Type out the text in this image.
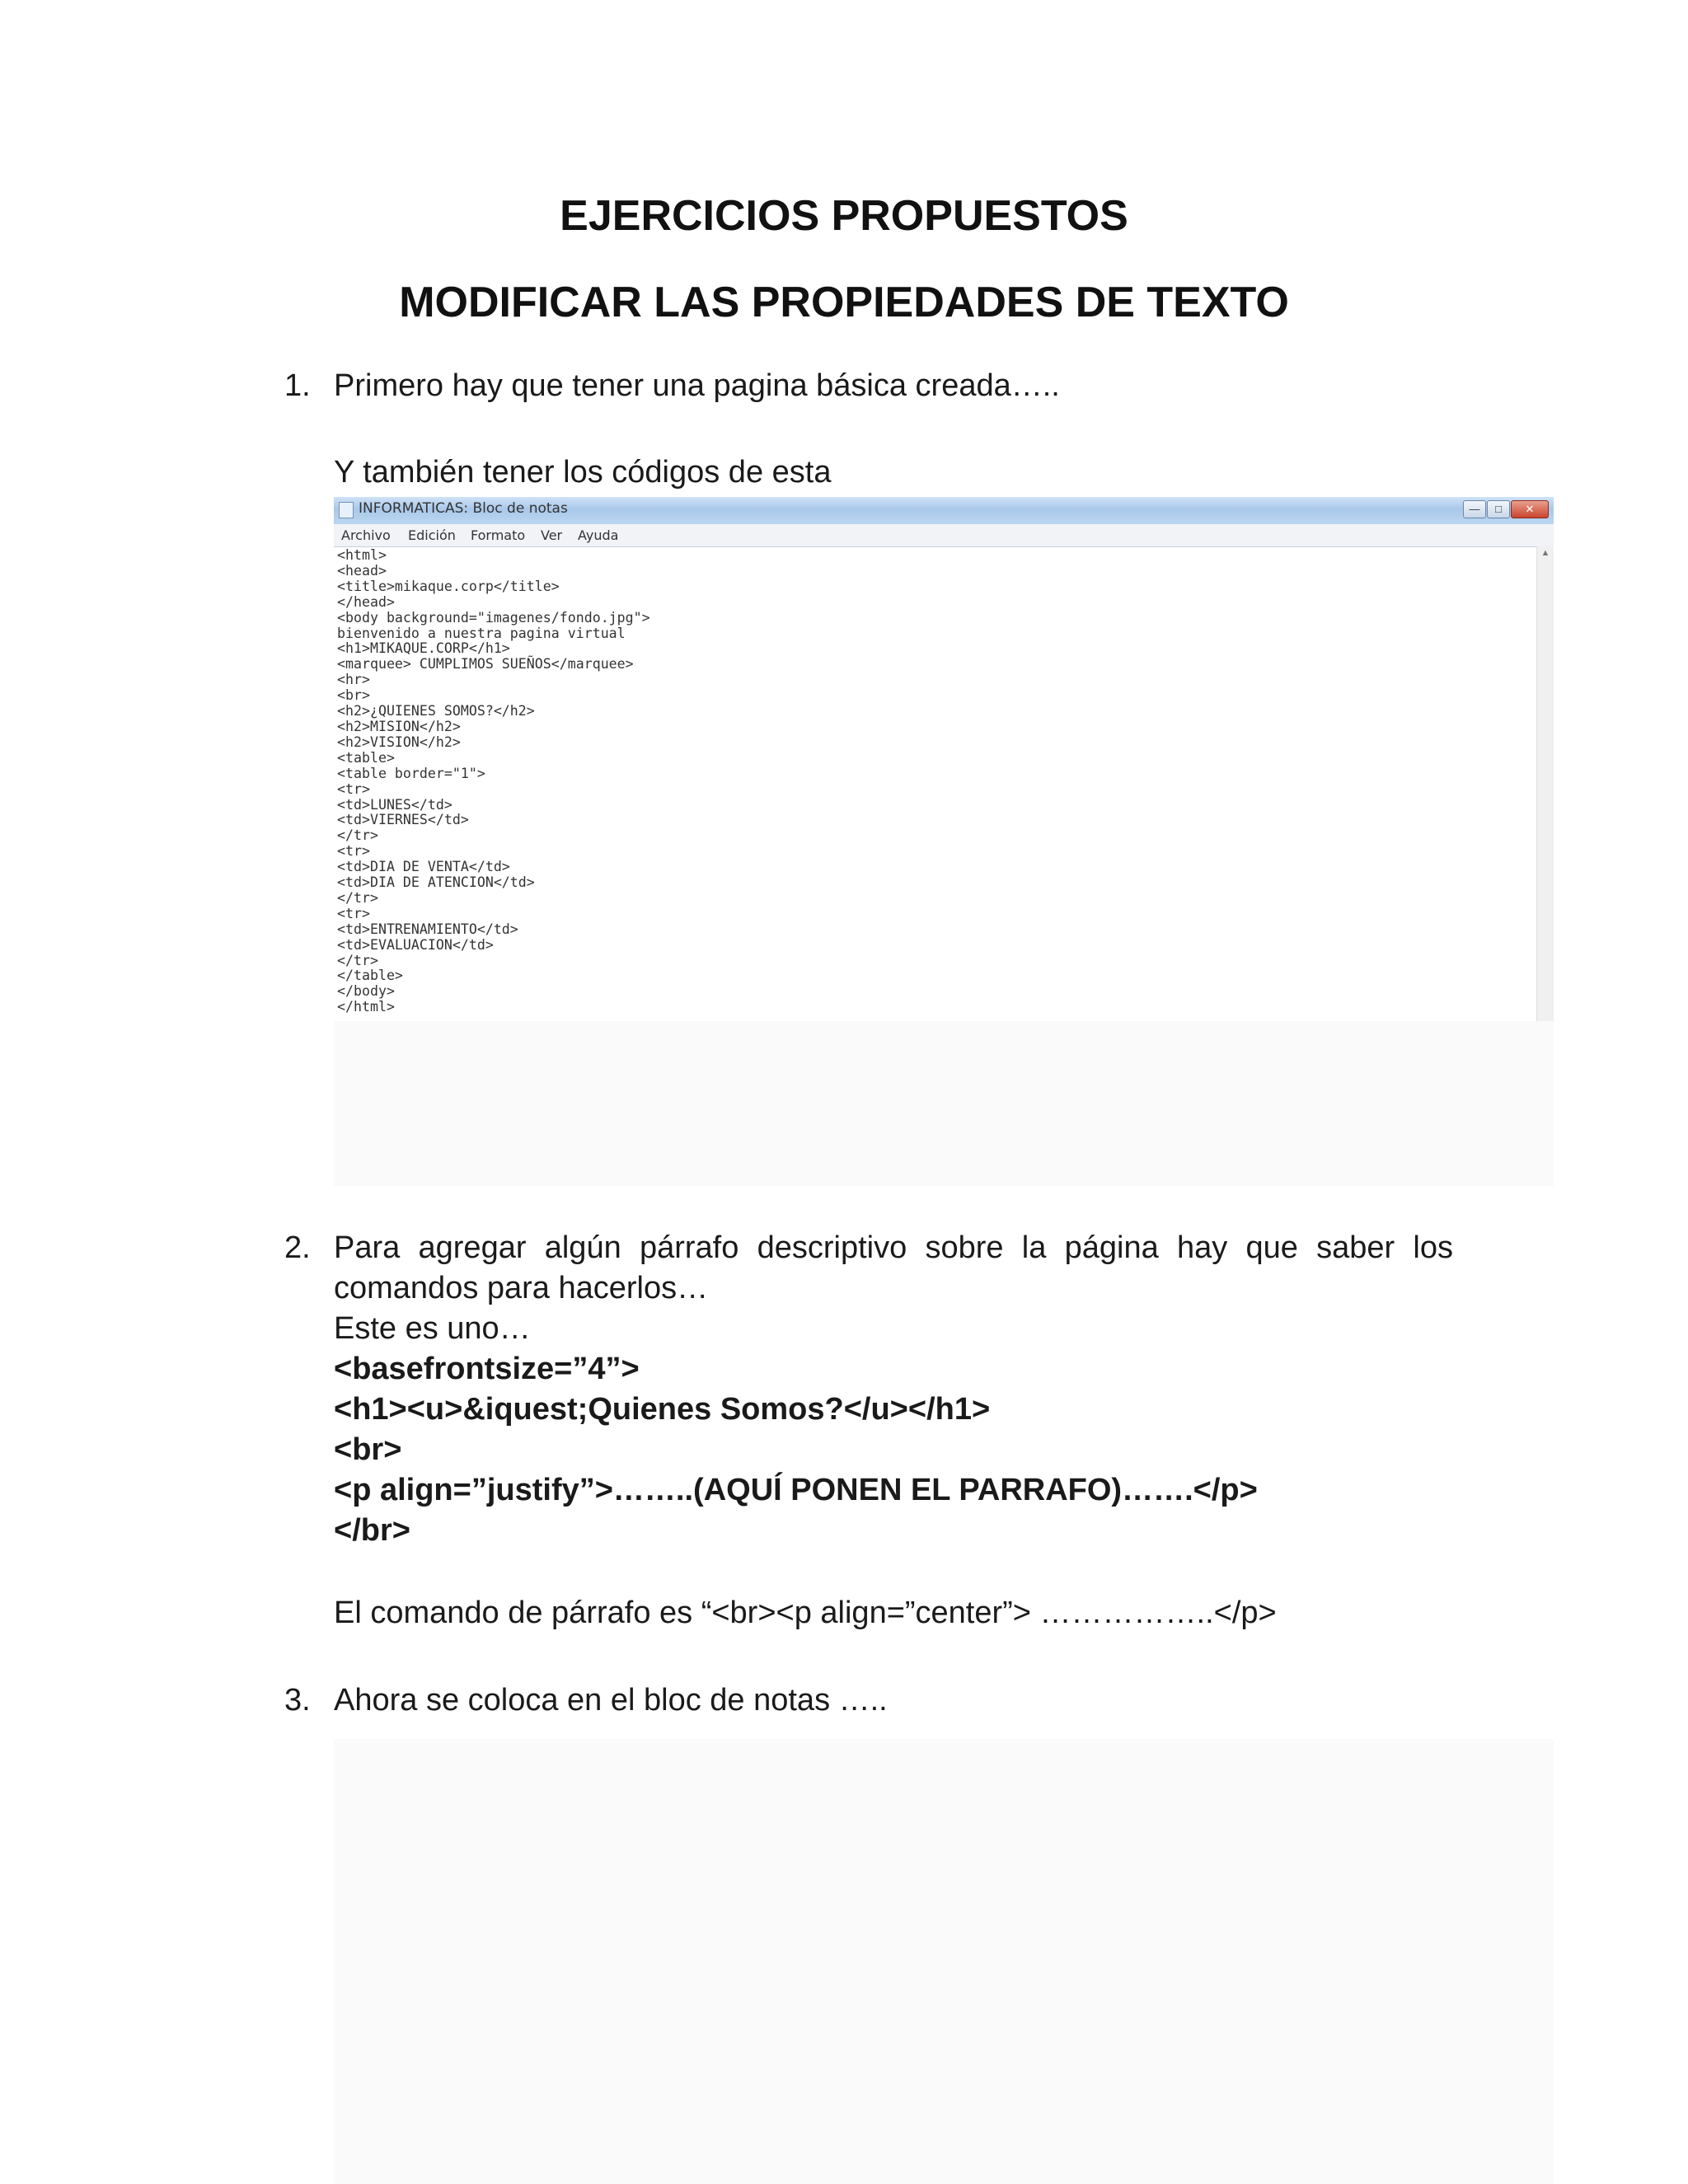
EJERCICIOS PROPUESTOS
MODIFICAR LAS PROPIEDADES DE TEXTO
1. Primero hay que tener una pagina básica creada…..
Y también tener los códigos de esta
INFORMATICAS: Bloc de notas	—	□	✕
Archivo Edición Formato Ver Ayuda
<html>
<head>
<title>mikaque.corp</title>
</head>
<body background="imagenes/fondo.jpg">
bienvenido a nuestra pagina virtual
<h1>MIKAQUE.CORP</h1>
<marquee> CUMPLIMOS SUEÑOS</marquee>
<hr>
<br>
<h2>¿QUIENES SOMOS?</h2>
<h2>MISION</h2>
<h2>VISION</h2>
<table>
<table border="1">
<tr>
<td>LUNES</td>
<td>VIERNES</td>
</tr>
<tr>
<td>DIA DE VENTA</td>
<td>DIA DE ATENCION</td>
</tr>
<tr>
<td>ENTRENAMIENTO</td>
<td>EVALUACION</td>
</tr>
</table>
</body>
</html>
▲
2. Para agregar algún párrafo descriptivo sobre la página hay que saber los
comandos para hacerlos…
Este es uno…
<basefrontsize=”4”>
<h1><u>&iquest;Quienes Somos?</u></h1>
<br>
<p align=”justify”>……..(AQUÍ PONEN EL PARRAFO)…….</p>
</br>
El comando de párrafo es “<br><p align=”center”> ……………..</p>
3. Ahora se coloca en el bloc de notas …..
